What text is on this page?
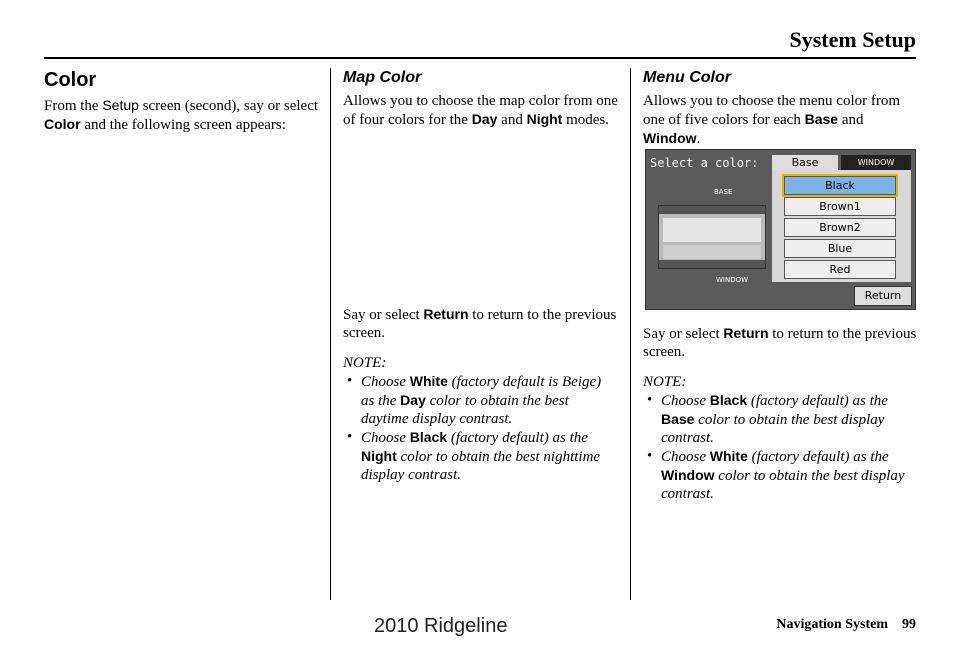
System Setup
Color

From the Setup screen (second), say or select Color and the following screen appears:

Map Color

Allows you to choose the map color from one of four colors for the Day and Night modes.

Say or select Return to return to the previous screen.

NOTE:

• Choose White (factory default is Beige) as the Day color to obtain the best daytime display contrast.
• Choose Black (factory default) as the Night color to obtain the best nighttime display contrast.
Menu Color

Allows you to choose the menu color from one of five colors for each Base and Window.

Say or select Return to return to the previous screen.

NOTE:

• Choose Black (factory default) as the Base color to obtain the best display contrast.
• Choose White (factory default) as the Window color to obtain the best display contrast.
Select a color:	Base	WINDOW
Black
Brown1
Brown2
Blue
Red
BASE
WINDOW
Return
Navigation System 99
2010 Ridgeline
